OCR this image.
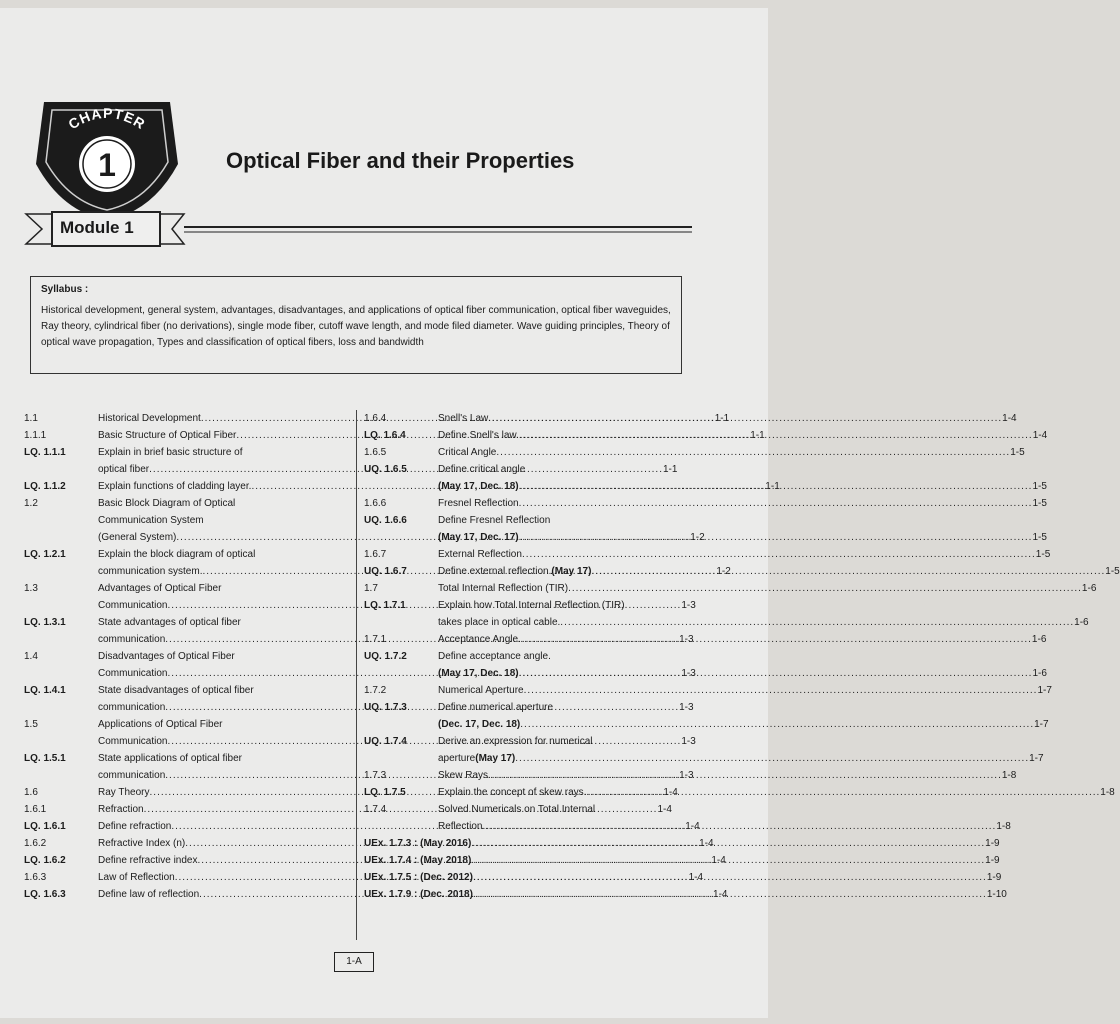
CHAPTER
1	Optical Fiber and their Properties
Module 1
Syllabus :
Historical development, general system, advantages, disadvantages, and applications of optical fiber communication, optical fiber waveguides, Ray theory, cylindrical fiber (no derivations), single mode fiber, cutoff wave length, and mode filed diameter. Wave guiding principles, Theory of optical wave propagation, Types and classification of optical fibers, loss and bandwidth
1.1	Historical Development .....	1-1
1.1.1	Basic Structure of Optical Fiber .....	1-1
LQ. 1.1.1	Explain in brief basic structure of
optical fiber .....	1-1
LQ. 1.1.2	Explain functions of cladding layer. .....	1-1
1.2	Basic Block Diagram of Optical
Communication System
(General System) .....	1-2
LQ. 1.2.1	Explain the block diagram of optical
communication system. .....	1-2
1.3	Advantages of Optical Fiber
Communication .....	1-3
LQ. 1.3.1	State advantages of optical fiber
communication .....	1-3
1.4	Disadvantages of Optical Fiber
Communication .....	1-3
LQ. 1.4.1	State disadvantages of optical fiber
communication .....	1-3
1.5	Applications of Optical Fiber
Communication .....	1-3
LQ. 1.5.1	State applications of optical fiber
communication .....	1-3
1.6	Ray Theory .....	1-4
1.6.1	Refraction .....	1-4
LQ. 1.6.1	Define refraction .....	1-4
1.6.2	Refractive Index (n) .....	1-4
LQ. 1.6.2	Define refractive index .....	1-4
1.6.3	Law of Reflection .....	1-4
LQ. 1.6.3	Define law of reflection .....	1-4
1.6.4	Snell's Law .....	1-4
LQ. 1.6.4	Define Snell's law. .....	1-4
1.6.5	Critical Angle .....	1-5
UQ. 1.6.5	Define critical angle
(May 17, Dec. 18) .....	1-5
1.6.6	Fresnel Reflection .....	1-5
UQ. 1.6.6	Define Fresnel Reflection
(May 17, Dec. 17) .....	1-5
1.6.7	External Reflection .....	1-5
UQ. 1.6.7	Define external reflection. (May 17) .....	1-5
1.7	Total Internal Reflection (TIR) .....	1-6
LQ. 1.7.1	Explain how Total Internal Reflection (TIR)
takes place in optical cable. .....	1-6
1.7.1	Acceptance Angle .....	1-6
UQ. 1.7.2	Define acceptance angle.
(May 17, Dec. 18) .....	1-6
1.7.2	Numerical Aperture .....	1-7
UQ. 1.7.3	Define numerical aperture
(Dec. 17, Dec. 18) .....	1-7
UQ. 1.7.4	Derive an expression for numerical
aperture (May 17) .....	1-7
1.7.3	Skew Rays .....	1-8
LQ. 1.7.5	Explain the concept of skew rays. .....	1-8
1.7.4	Solved Numericals on Total Internal
Reflection .....	1-8
UEx. 1.7.3 : (May 2016) .....	1-9
UEx. 1.7.4 : (May 2018) .....	1-9
UEx. 1.7.5 : (Dec. 2012) .....	1-9
UEx. 1.7.9 : (Dec. 2018) .....	1-10
1-A
